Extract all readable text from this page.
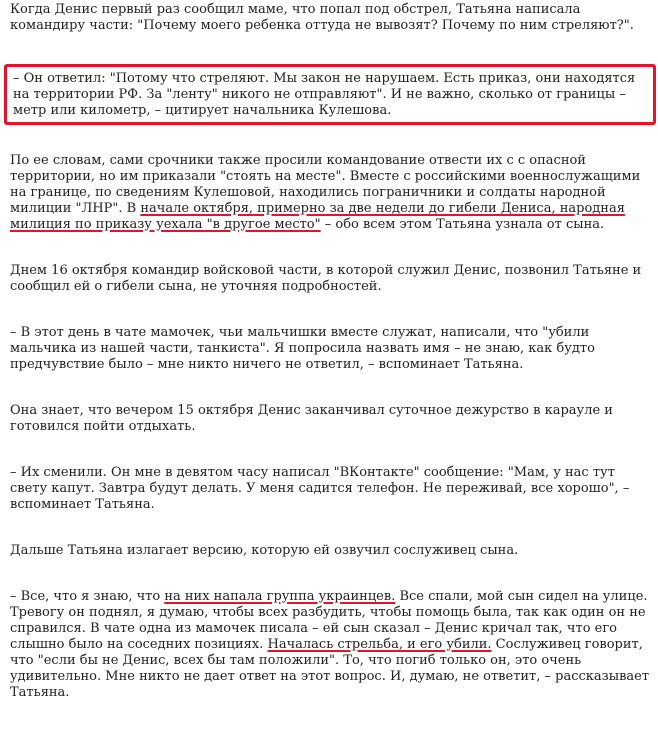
Когда Денис первый раз сообщил маме, что попал под обстрел, Татьяна написала командиру части: "Почему моего ребенка оттуда не вывозят? Почему по ним стреляют?".

– Он ответил: "Потому что стреляют. Мы закон не нарушаем. Есть приказ, они находятся на территории РФ. За "ленту" никого не отправляют". И не важно, сколько от границы – метр или километр, – цитирует начальника Кулешова.

По ее словам, сами срочники также просили командование отвести их с с опасной территории, но им приказали "стоять на месте". Вместе с российскими военнослужащими на границе, по сведениям Кулешовой, находились пограничники и солдаты народной милиции "ЛНР". В начале октября, примерно за две недели до гибели Дениса, народная милиция по приказу уехала "в другое место" – обо всем этом Татьяна узнала от сына.

Днем 16 октября командир войсковой части, в которой служил Денис, позвонил Татьяне и сообщил ей о гибели сына, не уточняя подробностей.

– В этот день в чате мамочек, чьи мальчишки вместе служат, написали, что "убили мальчика из нашей части, танкиста". Я попросила назвать имя – не знаю, как будто предчувствие было – мне никто ничего не ответил, – вспоминает Татьяна.

Она знает, что вечером 15 октября Денис заканчивал суточное дежурство в карауле и готовился пойти отдыхать.

– Их сменили. Он мне в девятом часу написал "ВКонтакте" сообщение: "Мам, у нас тут свету капут. Завтра будут делать. У меня садится телефон. Не переживай, все хорошо", – вспоминает Татьяна.

Дальше Татьяна излагает версию, которую ей озвучил сослуживец сына.

– Все, что я знаю, что на них напала группа украинцев. Все спали, мой сын сидел на улице. Тревогу он поднял, я думаю, чтобы всех разбудить, чтобы помощь была, так как один он не справился. В чате одна из мамочек писала – ей сын сказал – Денис кричал так, что его слышно было на соседних позициях. Началась стрельба, и его убили. Сослуживец говорит, что "если бы не Денис, всех бы там положили". То, что погиб только он, это очень удивительно. Мне никто не дает ответ на этот вопрос. И, думаю, не ответит, – рассказывает Татьяна.
